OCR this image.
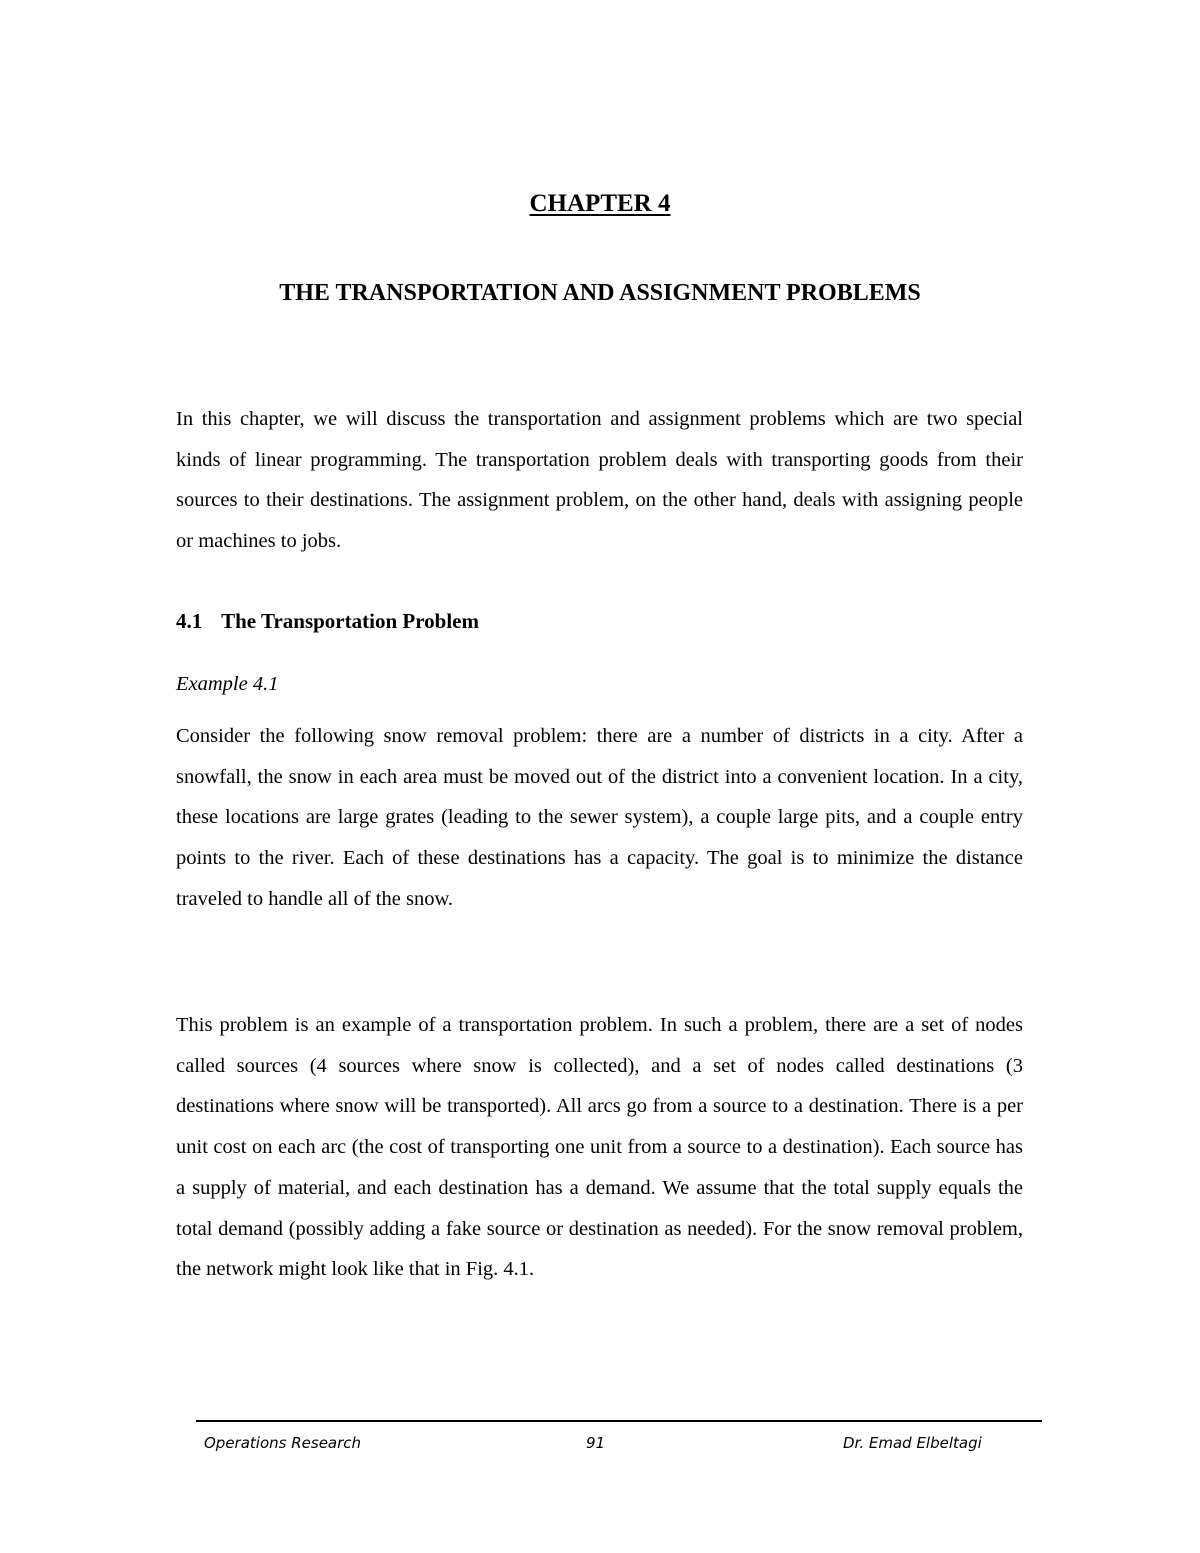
CHAPTER 4
THE TRANSPORTATION AND ASSIGNMENT PROBLEMS

In this chapter, we will discuss the transportation and assignment problems which are two special kinds of linear programming. The transportation problem deals with transporting goods from their sources to their destinations. The assignment problem, on the other hand, deals with assigning people or machines to jobs.

4.1 The Transportation Problem

Example 4.1

Consider the following snow removal problem: there are a number of districts in a city. After a snowfall, the snow in each area must be moved out of the district into a convenient location. In a city, these locations are large grates (leading to the sewer system), a couple large pits, and a couple entry points to the river. Each of these destinations has a capacity. The goal is to minimize the distance traveled to handle all of the snow.

This problem is an example of a transportation problem. In such a problem, there are a set of nodes called sources (4 sources where snow is collected), and a set of nodes called destinations (3 destinations where snow will be transported). All arcs go from a source to a destination. There is a per unit cost on each arc (the cost of transporting one unit from a source to a destination). Each source has a supply of material, and each destination has a demand. We assume that the total supply equals the total demand (possibly adding a fake source or destination as needed). For the snow removal problem, the network might look like that in Fig. 4.1.

Operations Research	91	Dr. Emad Elbeltagi
